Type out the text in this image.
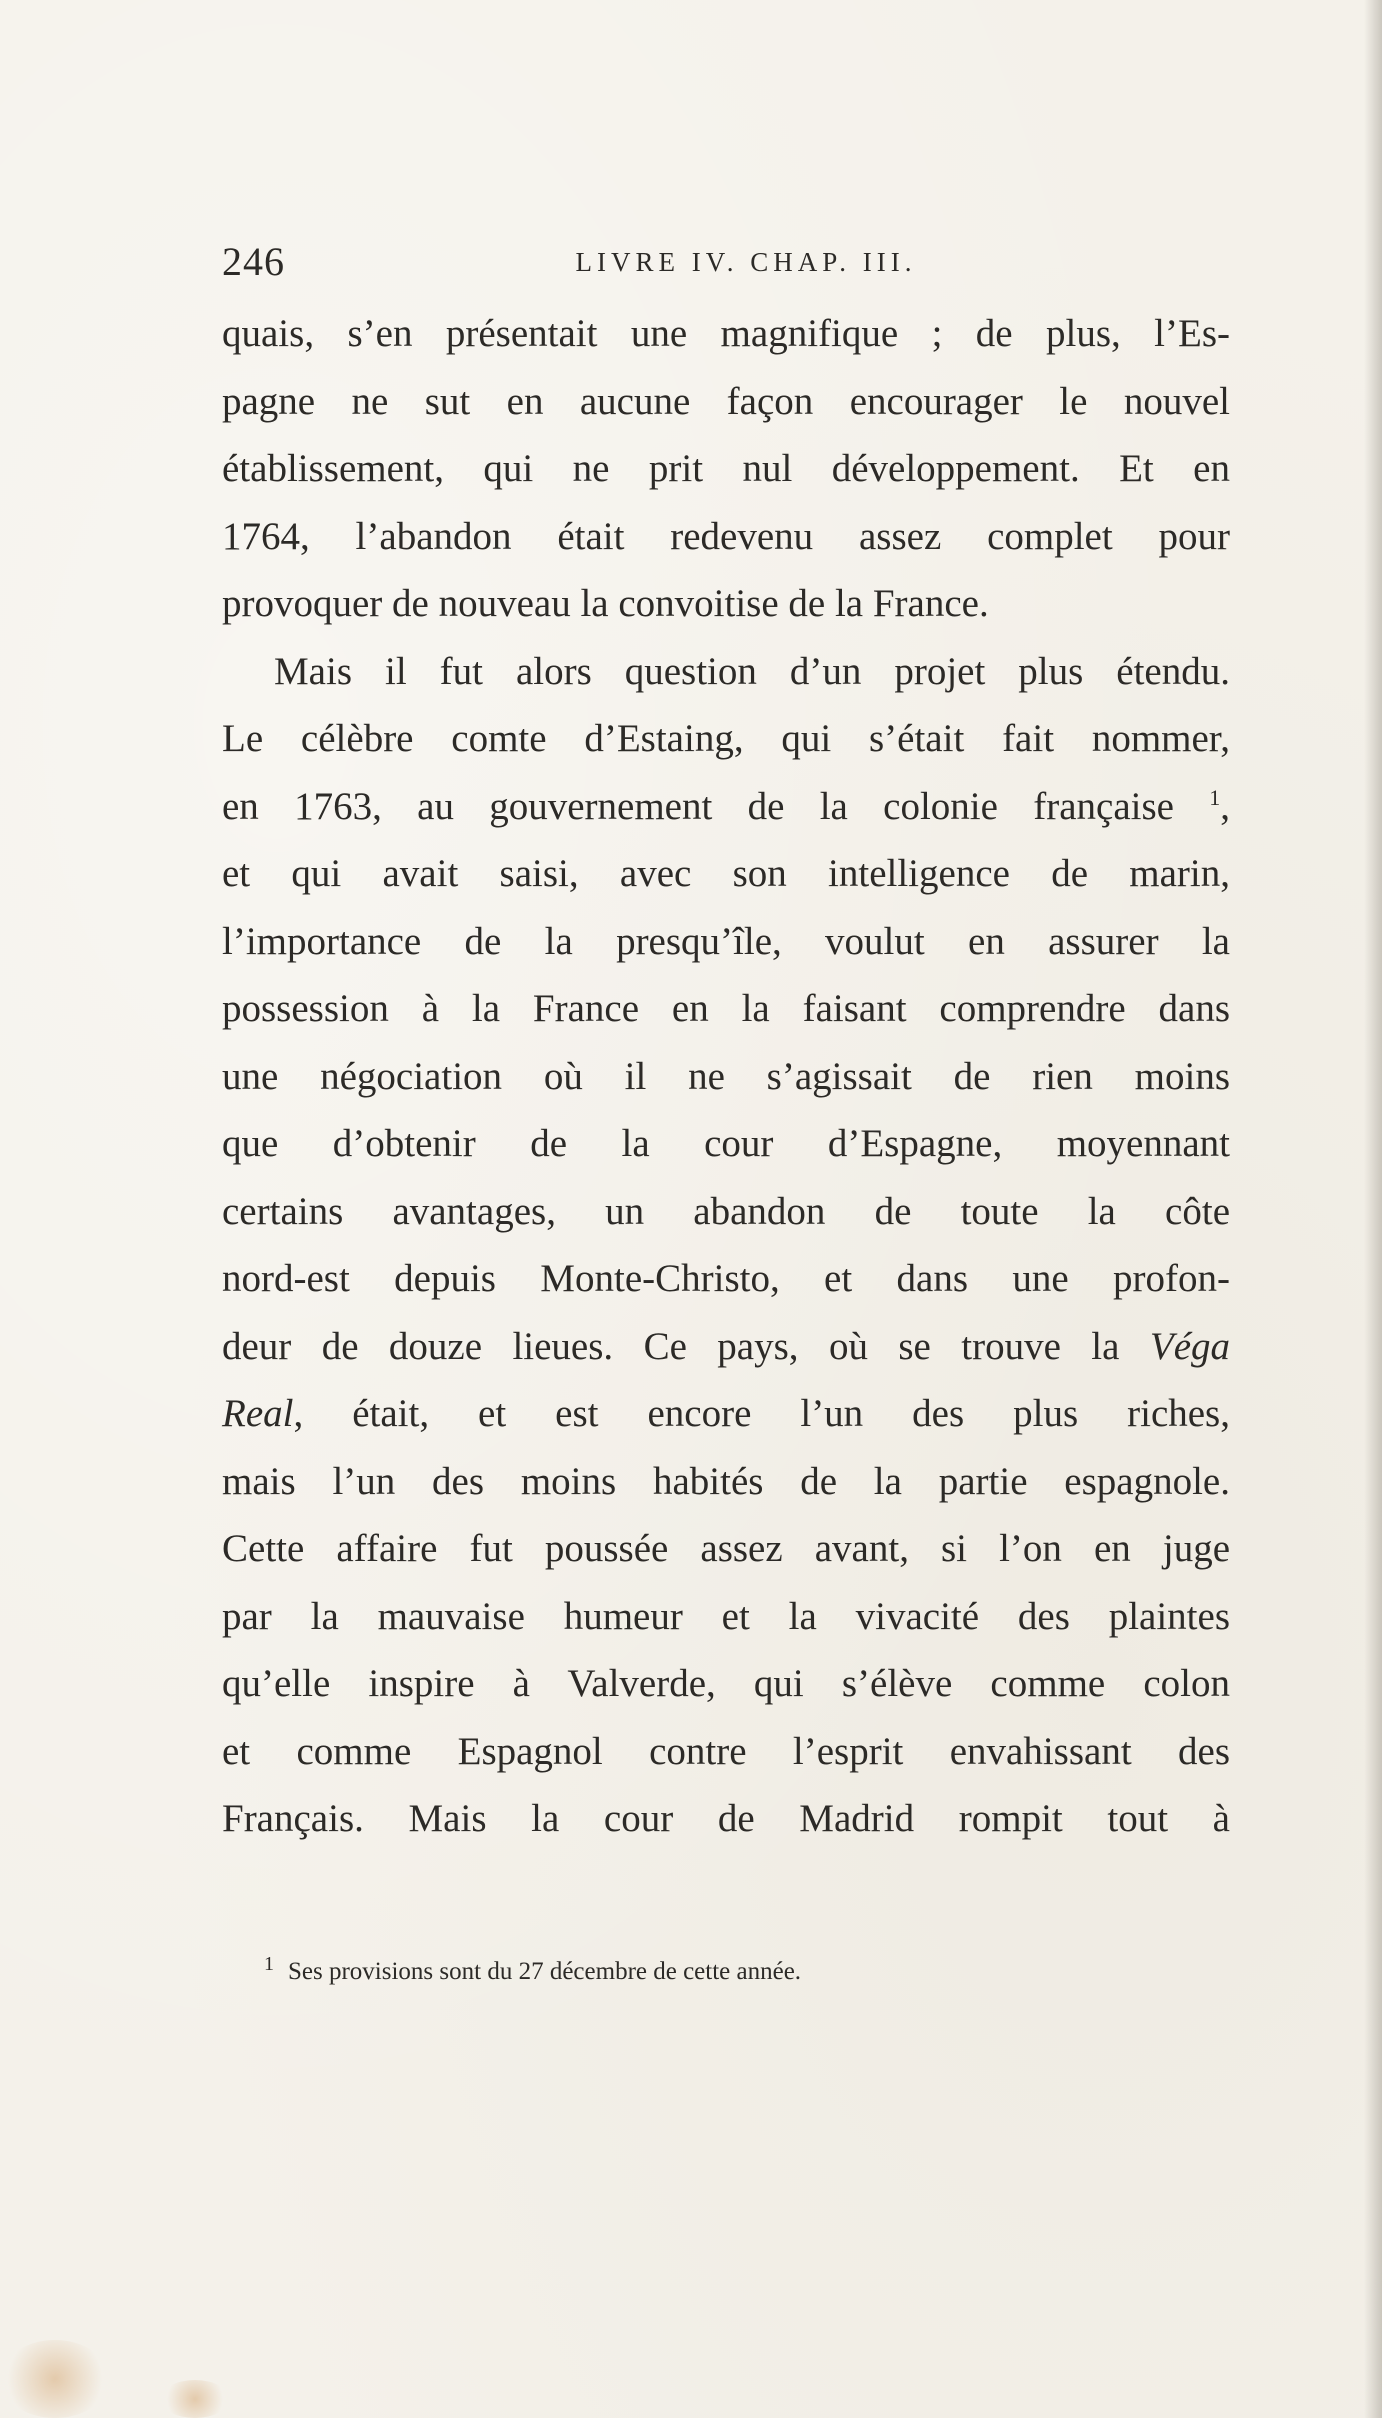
246	LIVRE IV. CHAP. III.
quais, s’en présentait une magnifique ; de plus, l’Es-
pagne ne sut en aucune façon encourager le nouvel
établissement, qui ne prit nul développement. Et en
1764, l’abandon était redevenu assez complet pour
provoquer de nouveau la convoitise de la France.
Mais il fut alors question d’un projet plus étendu.
Le célèbre comte d’Estaing, qui s’était fait nommer,
en 1763, au gouvernement de la colonie française $^1$,
et qui avait saisi, avec son intelligence de marin,
l’importance de la presqu’île, voulut en assurer la
possession à la France en la faisant comprendre dans
une négociation où il ne s’agissait de rien moins
que d’obtenir de la cour d’Espagne, moyennant
certains avantages, un abandon de toute la côte
nord-est depuis Monte-Christo, et dans une profon-
deur de douze lieues. Ce pays, où se trouve la Véga
Real, était, et est encore l’un des plus riches,
mais l’un des moins habités de la partie espagnole.
Cette affaire fut poussée assez avant, si l’on en juge
par la mauvaise humeur et la vivacité des plaintes
qu’elle inspire à Valverde, qui s’élève comme colon
et comme Espagnol contre l’esprit envahissant des
Français. Mais la cour de Madrid rompit tout à
$^1$ Ses provisions sont du 27 décembre de cette année.
